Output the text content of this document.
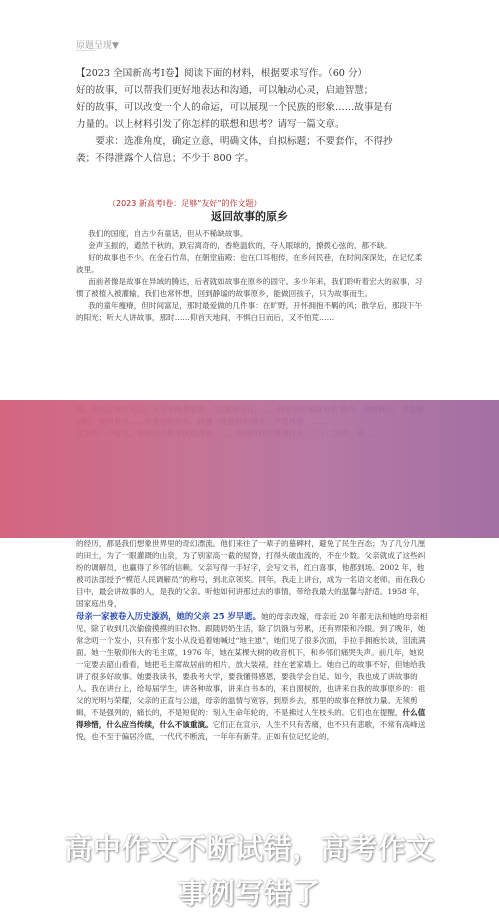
原题呈现▼
【2023 全国新高考Ⅰ卷】阅读下面的材料，根据要求写作。（60 分）
好的故事，可以帮我们更好地表达和沟通，可以触动心灵，启迪智慧；
好的故事，可以改变一个人的命运，可以展现一个民族的形象……故事是有
力量的。以上材料引发了你怎样的联想和思考？请写一篇文章。
要求：选准角度，确定立意，明确文体，自拟标题；不要套作，不得抄
袭；不得泄露个人信息；不少于 800 字。
（2023 新高考Ⅰ卷：足够“友好”的作文题）
返回故事的原乡

我们的国度，自古少有童话，但从不稀缺故事。

金声玉振的，遒然千秋的，跌宕离奇的，香艳温软的，夺人眼球的，撩拨心弦的，都不缺。

好的故事也不少。在金石竹帛，在朝堂庙殿；也在口耳相传，在乡问民巷，在时间深深处，在记忆柔波里。

而前者像是故事在异域的腾达，后者就如故事在原乡的固守。多少年来，我们聆听着宏大的叙事，习惯了被植入被灌输，我们也常怀想，回到静谧的故事原乡，能做回孩子，只为故事而生。

我的童年瘦瘠，但时间富足，那时最爱做的几件事：在旷野，开怀拥抱不羁的风；散学后，那段下午的阳光；听大人讲故事，那时……仰首天地间，不惧白日而后，又不怕荒……

高中作文不断试错，高考作文
事例写错了

的经历，都是我们想象世界里的奇幻漂流。他们来往了一辈子的墓碑村，避免了民生百态；为了几分几厘的田土，为了一眼灌溉的山泉，为了别家高一截的屋脊，打得头破血流的，不在少数。父亲就成了这些纠纷的调解员，也赢得了乡邻的信赖。父亲写得一手好字，会写文书，红白喜事，他都到场。2002 年，他被司法部授予“模范人民调解员”的称号，到北京领奖。同年，我走上讲台，成为一名语文老师。而在我心目中，最会讲故事的人，是我的父亲。听他如何讲那过去的事情，带给我最大的温馨与舒适。1958 年，国家庭出身，

母亲一家被卷入历史漩涡，她的父亲 25 岁早逝。她的母亲改嫁，母亲近 20 年都无法和她的母亲相见，除了收到几次偷偷摸摸的旧衣物。跟随奶奶生活，除了饥饿与劳累，还有界限和冷眼。到了晚年，她常念叨一个发小，只有那个发小从没追着她喊过“地主崽”，她们见了很多次面，手拉手拥抱长谈，泪流满面。她一生敬仰伟大的毛主席，1976 年，她在某棵大树的收音机下，和乡邻们痛哭失声。前几年，她说一定要去韶山看看，她把毛主席故居前的相片，放大装裱，挂在老家墙上。她自己的故事不好，但她给我讲了很多好故事。她要我读书，要我考大学，要我懂得感恩，要我学会自足。如今，我也成了讲故事的人。我在讲台上，给每届学生，讲各种故事，讲来自书本的，来自窗棂的，也讲来自我的故事原乡的：祖父的光明与荣耀，父亲的正直与公道，母亲的温情与宽容，到原乡去，那里的故事在释放力量。无须剪辑，不是强列的，痛长的，不是短促的：刻入生命年轮的，不是拂过人生枝头的。它们也在提醒，什么值得珍惜，什么应当传续，什么不该重演。它们正在宣示，人生不只有苦痛，也不只有悲歌，不常有高峰送悦，也不至于偏居冷底，一代代不断流，一年年有新芽。正如有位记忆论的，
